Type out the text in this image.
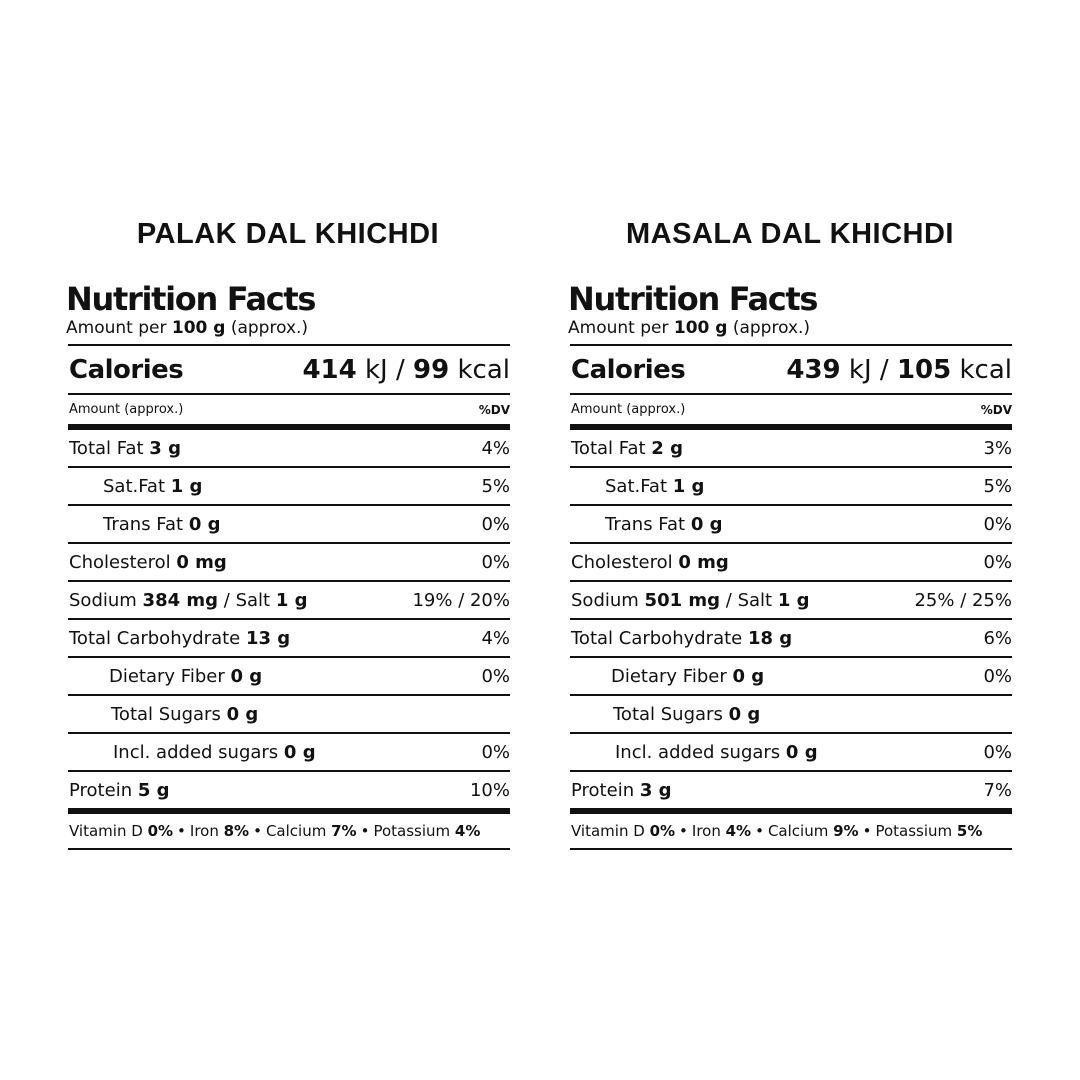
PALAK DAL KHICHDI
Nutrition Facts
Amount per 100 g (approx.)
Calories	414 kJ / 99 kcal
Amount (approx.)	%DV
Total Fat 3 g	4%
Sat.Fat 1 g	5%
Trans Fat 0 g	0%
Cholesterol 0 mg	0%
Sodium 384 mg / Salt 1 g	19% / 20%
Total Carbohydrate 13 g	4%
Dietary Fiber 0 g	0%
Total Sugars 0 g
Incl. added sugars 0 g	0%
Protein 5 g	10%
Vitamin D
0% • Iron
8% • Calcium
7% • Potassium
4%
MASALA DAL KHICHDI
Nutrition Facts
Amount per 100 g (approx.)
Calories	439 kJ / 105 kcal
Amount (approx.)	%DV
Total Fat 2 g	3%
Sat.Fat 1 g	5%
Trans Fat 0 g	0%
Cholesterol 0 mg	0%
Sodium 501 mg / Salt 1 g	25% / 25%
Total Carbohydrate 18 g	6%
Dietary Fiber 0 g	0%
Total Sugars 0 g
Incl. added sugars 0 g	0%
Protein 3 g	7%
Vitamin D
0% • Iron
4% • Calcium
9% • Potassium
5%
